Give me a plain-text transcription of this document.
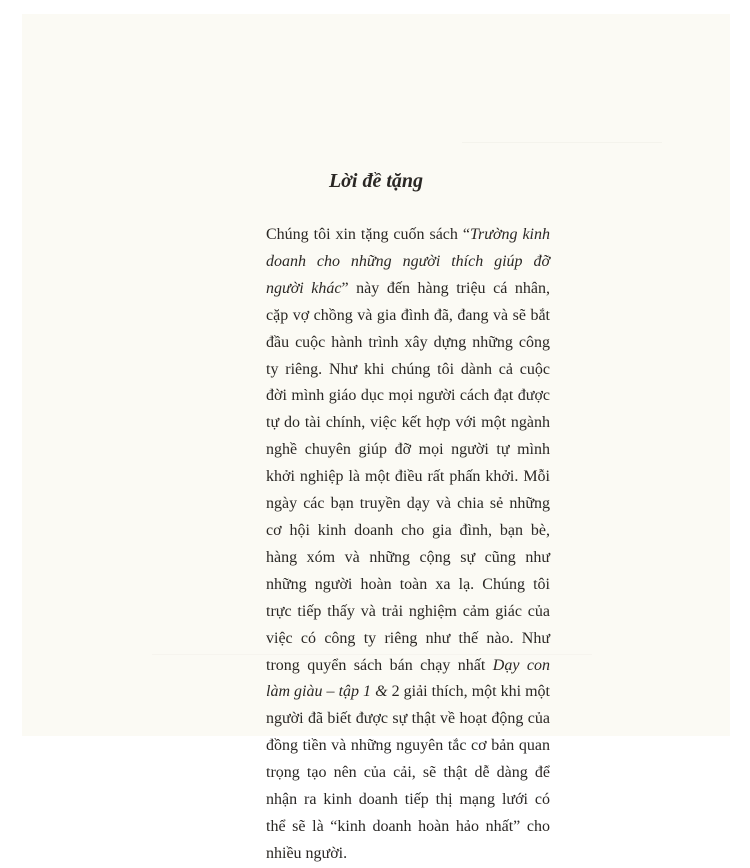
Lời đề tặng

Chúng tôi xin tặng cuốn sách “Trường kinh doanh cho những người thích giúp đỡ người khác” này đến hàng triệu cá nhân, cặp vợ chồng và gia đình đã, đang và sẽ bắt đầu cuộc hành trình xây dựng những công ty riêng. Như khi chúng tôi dành cả cuộc đời mình giáo dục mọi người cách đạt được tự do tài chính, việc kết hợp với một ngành nghề chuyên giúp đỡ mọi người tự mình khởi nghiệp là một điều rất phấn khởi. Mỗi ngày các bạn truyền dạy và chia sẻ những cơ hội kinh doanh cho gia đình, bạn bè, hàng xóm và những cộng sự cũng như những người hoàn toàn xa lạ. Chúng tôi trực tiếp thấy và trải nghiệm cảm giác của việc có công ty riêng như thế nào. Như trong quyển sách bán chạy nhất Dạy con làm giàu – tập 1 & 2 giải thích, một khi một người đã biết được sự thật về hoạt động của đồng tiền và những nguyên tắc cơ bản quan trọng tạo nên của cải, sẽ thật dễ dàng để nhận ra kinh doanh tiếp thị mạng lưới có thể sẽ là “kinh doanh hoàn hảo nhất” cho nhiều người.
